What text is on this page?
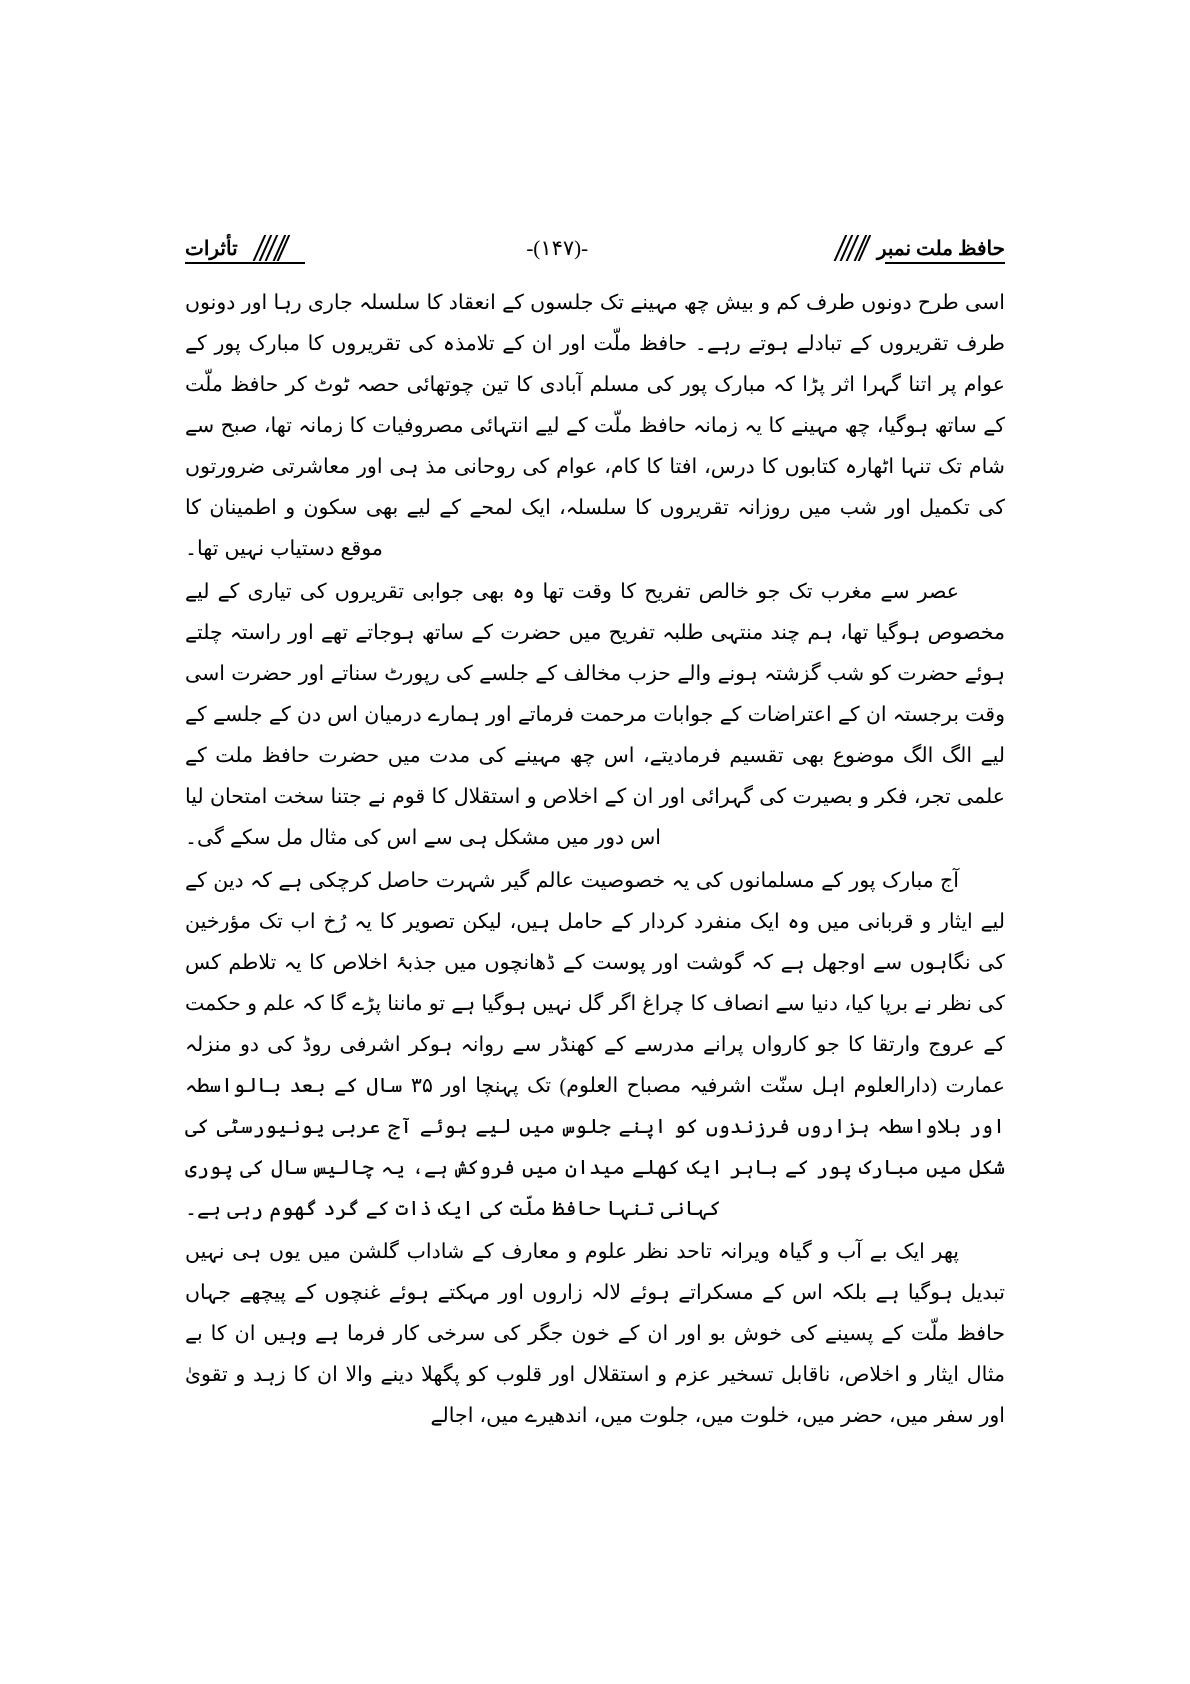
حافظ ملت نمبر
-(۱۴۷)-
تأثرات

اسی طرح دونوں طرف کم و بیش چھ مہینے تک جلسوں کے انعقاد کا سلسلہ جاری رہا اور دونوں طرف تقریروں کے تبادلے ہوتے رہے۔ حافظ ملّت اور ان کے تلامذہ کی تقریروں کا مبارک پور کے عوام پر اتنا گہرا اثر پڑا کہ مبارک پور کی مسلم آبادی کا تین چوتھائی حصہ ٹوٹ کر حافظ ملّت کے ساتھ ہوگیا، چھ مہینے کا یہ زمانہ حافظ ملّت کے لیے انتہائی مصروفیات کا زمانہ تھا، صبح سے شام تک تنہا اٹھارہ کتابوں کا درس، افتا کا کام، عوام کی روحانی مذ ہی اور معاشرتی ضرورتوں کی تکمیل اور شب میں روزانہ تقریروں کا سلسلہ، ایک لمحے کے لیے بھی سکون و اطمینان کا موقع دستیاب نہیں تھا۔

عصر سے مغرب تک جو خالص تفریح کا وقت تھا وہ بھی جوابی تقریروں کی تیاری کے لیے مخصوص ہوگیا تھا، ہم چند منتہی طلبہ تفریح میں حضرت کے ساتھ ہوجاتے تھے اور راستہ چلتے ہوئے حضرت کو شب گزشتہ ہونے والے حزب مخالف کے جلسے کی رپورٹ سناتے اور حضرت اسی وقت برجستہ ان کے اعتراضات کے جوابات مرحمت فرماتے اور ہمارے درمیان اس دن کے جلسے کے لیے الگ الگ موضوع بھی تقسیم فرمادیتے، اس چھ مہینے کی مدت میں حضرت حافظ ملت کے علمی تجر، فکر و بصیرت کی گہرائی اور ان کے اخلاص و استقلال کا قوم نے جتنا سخت امتحان لیا اس دور میں مشکل ہی سے اس کی مثال مل سکے گی۔

آج مبارک پور کے مسلمانوں کی یہ خصوصیت عالم گیر شہرت حاصل کرچکی ہے کہ دین کے لیے ایثار و قربانی میں وہ ایک منفرد کردار کے حامل ہیں، لیکن تصویر کا یہ رُخ اب تک مؤرخین کی نگاہوں سے اوجھل ہے کہ گوشت اور پوست کے ڈھانچوں میں جذبۂ اخلاص کا یہ تلاطم کس کی نظر نے برپا کیا، دنیا سے انصاف کا چراغ اگر گل نہیں ہوگیا ہے تو ماننا پڑے گا کہ علم و حکمت کے عروج وارتقا کا جو کارواں پرانے مدرسے کے کھنڈر سے روانہ ہوکر اشرفی روڈ کی دو منزلہ عمارت (دارالعلوم اہل سنّت اشرفیہ مصباح العلوم) تک پہنچا اور ۳۵ سال کے بعد بالواسطہ اور بلاواسطہ ہزاروں فرزندوں کو اپنے جلوس میں لیے ہوئے آج عربی یونیورسٹی کی شکل میں مبارک پور کے باہر ایک کھلے میدان میں فروکش ہے، یہ چالیس سال کی پوری کہانی تنہا حافظ ملّت کی ایک ذات کے گرد گھوم رہی ہے۔

پھر ایک بے آب و گیاہ ویرانہ تاحد نظر علوم و معارف کے شاداب گلشن میں یوں ہی نہیں تبدیل ہوگیا ہے بلکہ اس کے مسکراتے ہوئے لالہ زاروں اور مہکتے ہوئے غنچوں کے پیچھے جہاں حافظ ملّت کے پسینے کی خوش بو اور ان کے خون جگر کی سرخی کار فرما ہے وہیں ان کا بے مثال ایثار و اخلاص، ناقابل تسخیر عزم و استقلال اور قلوب کو پگھلا دینے والا ان کا زہد و تقویٰ اور سفر میں، حضر میں، خلوت میں، جلوت میں، اندھیرے میں، اجالے
